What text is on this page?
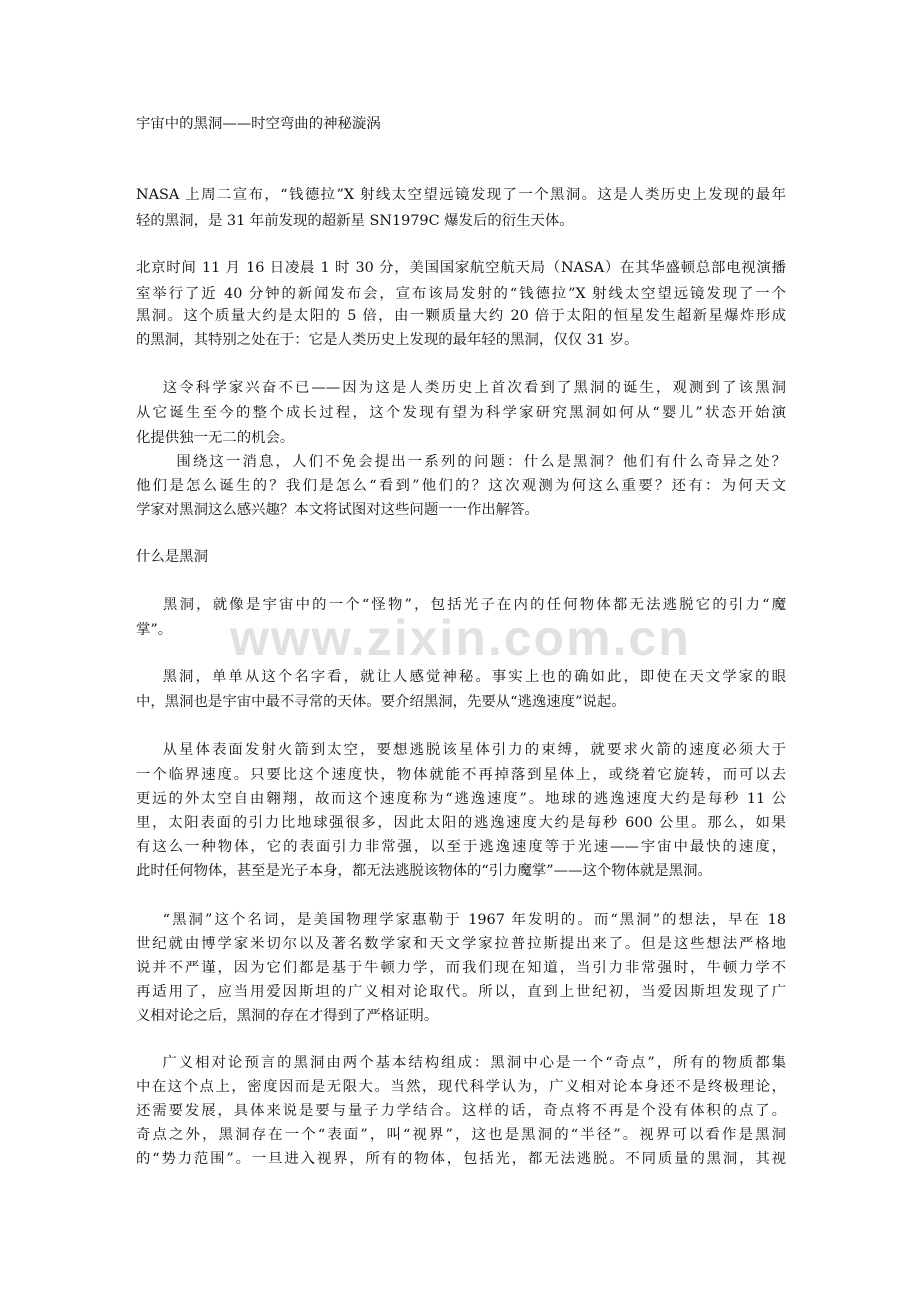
宇宙中的黑洞——时空弯曲的神秘漩涡
NASA 上周二宣布，“钱德拉”X 射线太空望远镜发现了一个黑洞。这是人类历史上发现的最年
轻的黑洞，是 31 年前发现的超新星 SN1979C 爆发后的衍生天体。
北京时间 11 月 16 日凌晨 1 时 30 分，美国国家航空航天局（NASA）在其华盛顿总部电视演播
室举行了近 40 分钟的新闻发布会，宣布该局发射的“钱德拉”X 射线太空望远镜发现了一个
黑洞。这个质量大约是太阳的 5 倍，由一颗质量大约 20 倍于太阳的恒星发生超新星爆炸形成
的黑洞，其特别之处在于：它是人类历史上发现的最年轻的黑洞，仅仅 31 岁。
这令科学家兴奋不已——因为这是人类历史上首次看到了黑洞的诞生，观测到了该黑洞
从它诞生至今的整个成长过程，这个发现有望为科学家研究黑洞如何从“婴儿”状态开始演
化提供独一无二的机会。
围绕这一消息，人们不免会提出一系列的问题：什么是黑洞？他们有什么奇异之处？
他们是怎么诞生的？我们是怎么“看到”他们的？这次观测为何这么重要？还有：为何天文
学家对黑洞这么感兴趣？本文将试图对这些问题一一作出解答。
什么是黑洞
黑洞，就像是宇宙中的一个“怪物”，包括光子在内的任何物体都无法逃脱它的引力“魔
掌”。
黑洞，单单从这个名字看，就让人感觉神秘。事实上也的确如此，即使在天文学家的眼
中，黑洞也是宇宙中最不寻常的天体。要介绍黑洞，先要从“逃逸速度”说起。
从星体表面发射火箭到太空，要想逃脱该星体引力的束缚，就要求火箭的速度必须大于
一个临界速度。只要比这个速度快，物体就能不再掉落到星体上，或绕着它旋转，而可以去
更远的外太空自由翱翔，故而这个速度称为“逃逸速度”。地球的逃逸速度大约是每秒 11 公
里，太阳表面的引力比地球强很多，因此太阳的逃逸速度大约是每秒 600 公里。那么，如果
有这么一种物体，它的表面引力非常强，以至于逃逸速度等于光速——宇宙中最快的速度，
此时任何物体，甚至是光子本身，都无法逃脱该物体的“引力魔掌”——这个物体就是黑洞。
“黑洞”这个名词，是美国物理学家惠勒于 1967 年发明的。而“黑洞”的想法，早在 18
世纪就由博学家米切尔以及著名数学家和天文学家拉普拉斯提出来了。但是这些想法严格地
说并不严谨，因为它们都是基于牛顿力学，而我们现在知道，当引力非常强时，牛顿力学不
再适用了，应当用爱因斯坦的广义相对论取代。所以，直到上世纪初，当爱因斯坦发现了广
义相对论之后，黑洞的存在才得到了严格证明。
广义相对论预言的黑洞由两个基本结构组成：黑洞中心是一个“奇点”，所有的物质都集
中在这个点上，密度因而是无限大。当然，现代科学认为，广义相对论本身还不是终极理论，
还需要发展，具体来说是要与量子力学结合。这样的话，奇点将不再是个没有体积的点了。
奇点之外，黑洞存在一个“表面”，叫“视界”，这也是黑洞的“半径”。视界可以看作是黑洞
的“势力范围”。一旦进入视界，所有的物体，包括光，都无法逃脱。不同质量的黑洞，其视
www.zixin.com.cn
